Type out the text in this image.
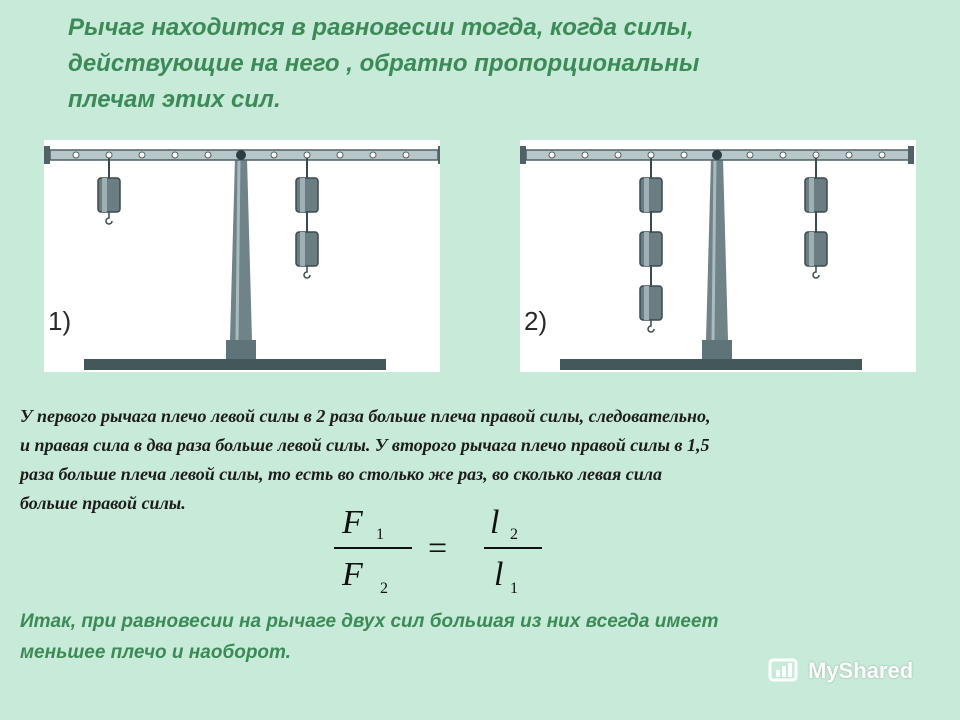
Рычаг находится в равновесии тогда, когда силы,
действующие на него , обратно пропорциональны
плечам этих сил.
1)	2)
У первого рычага плечо левой силы в 2 раза больше плеча правой силы, следовательно,
и правая сила в два раза больше левой силы. У второго рычага плечо правой силы в 1,5
раза больше плеча левой силы, то есть во столько же раз, во сколько левая сила
больше правой силы.
F 1
F 2
=
l 2
l 1
Итак, при равновесии на рычаге двух сил большая из них всегда имеет
меньшее плечо и наоборот.
MyShared
